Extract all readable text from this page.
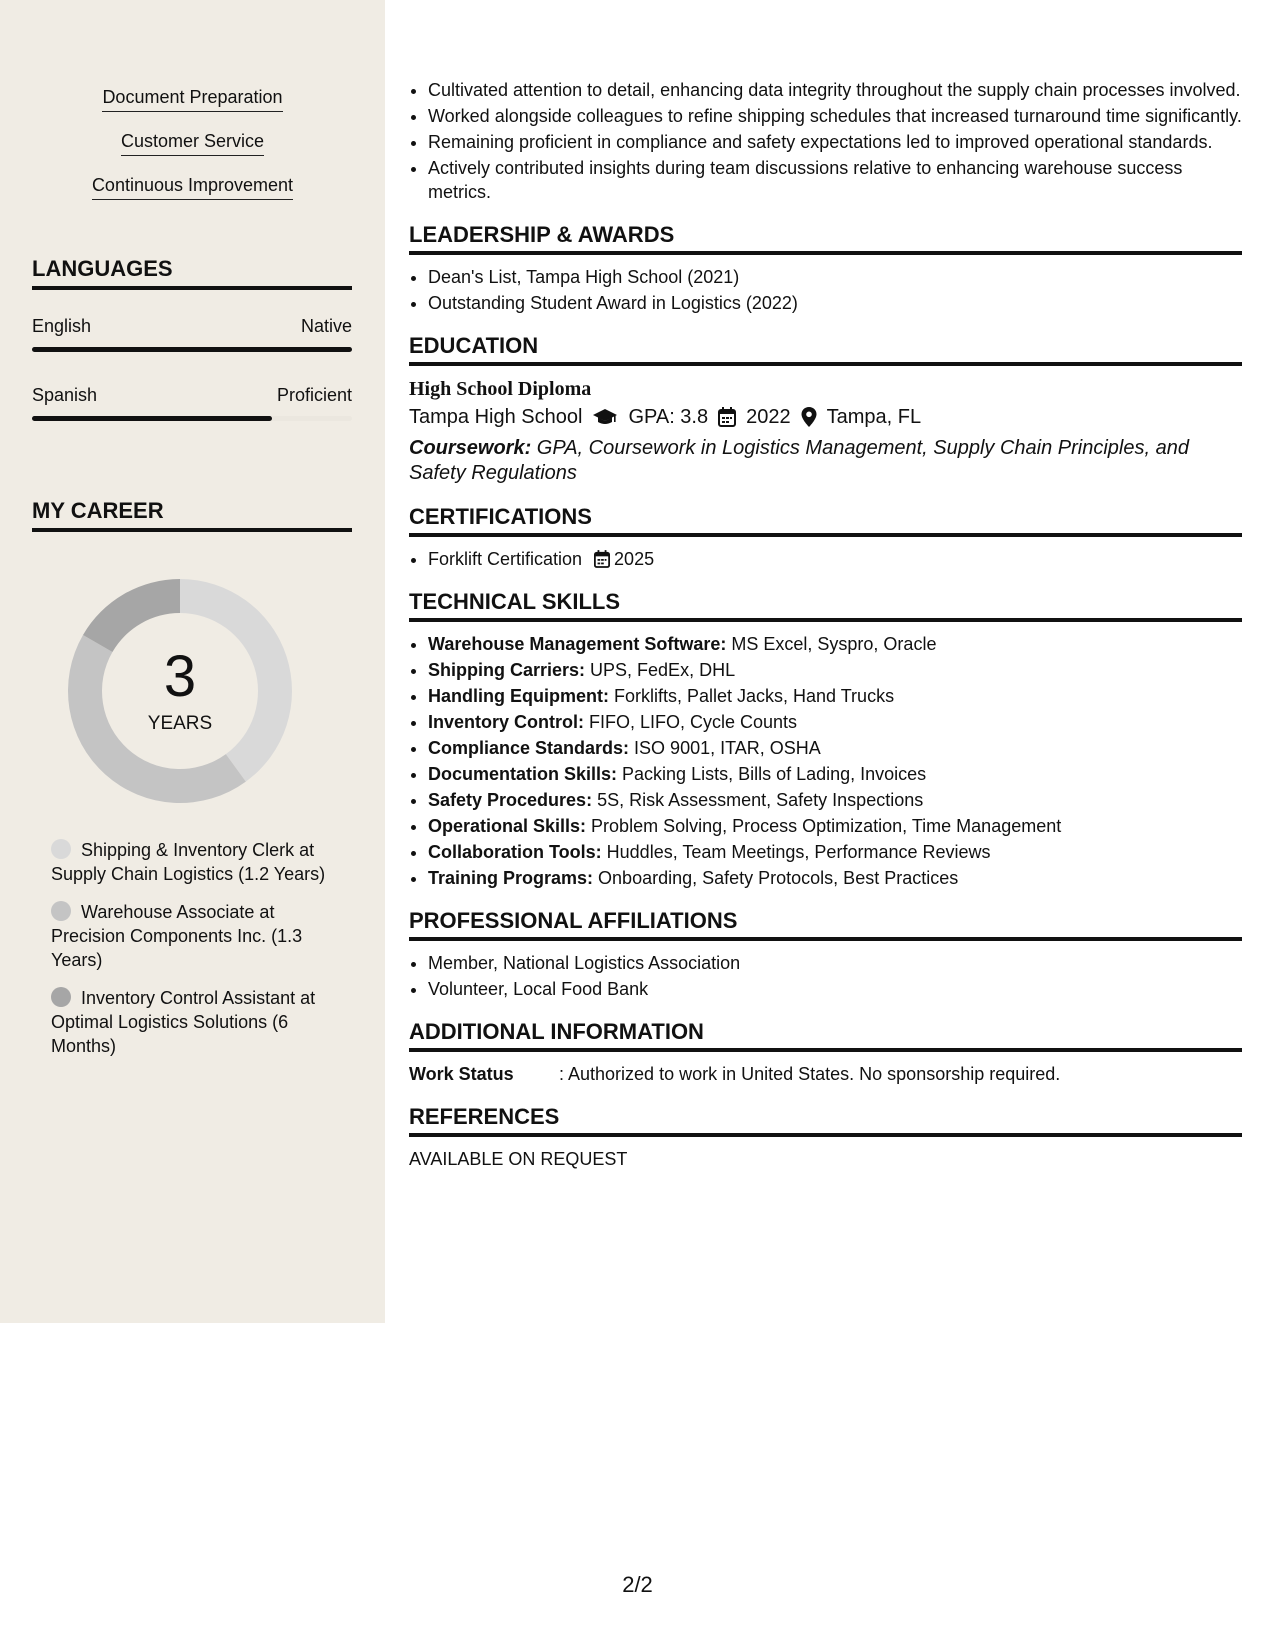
Document Preparation
Customer Service
Continuous Improvement
LANGUAGES
English	Native
Spanish	Proficient
MY CAREER
3
YEARS
Shipping & Inventory Clerk at Supply Chain Logistics (1.2 Years)
Warehouse Associate at Precision Components Inc. (1.3 Years)
Inventory Control Assistant at Optimal Logistics Solutions (6 Months)
• Cultivated attention to detail, enhancing data integrity throughout the supply chain processes involved.
• Worked alongside colleagues to refine shipping schedules that increased turnaround time significantly.
• Remaining proficient in compliance and safety expectations led to improved operational standards.
• Actively contributed insights during team discussions relative to enhancing warehouse success metrics.
LEADERSHIP & AWARDS
• Dean's List, Tampa High School (2021)
• Outstanding Student Award in Logistics (2022)
EDUCATION
High School Diploma
Tampa High School GPA: 3.8 2022 Tampa, FL
Coursework: GPA, Coursework in Logistics Management, Supply Chain Principles, and Safety Regulations
CERTIFICATIONS
• Forklift Certification 2025
TECHNICAL SKILLS
• Warehouse Management Software: MS Excel, Syspro, Oracle
• Shipping Carriers: UPS, FedEx, DHL
• Handling Equipment: Forklifts, Pallet Jacks, Hand Trucks
• Inventory Control: FIFO, LIFO, Cycle Counts
• Compliance Standards: ISO 9001, ITAR, OSHA
• Documentation Skills: Packing Lists, Bills of Lading, Invoices
• Safety Procedures: 5S, Risk Assessment, Safety Inspections
• Operational Skills: Problem Solving, Process Optimization, Time Management
• Collaboration Tools: Huddles, Team Meetings, Performance Reviews
• Training Programs: Onboarding, Safety Protocols, Best Practices
PROFESSIONAL AFFILIATIONS
• Member, National Logistics Association
• Volunteer, Local Food Bank
ADDITIONAL INFORMATION
Work Status	: Authorized to work in United States. No sponsorship required.
REFERENCES
AVAILABLE ON REQUEST
2/2
